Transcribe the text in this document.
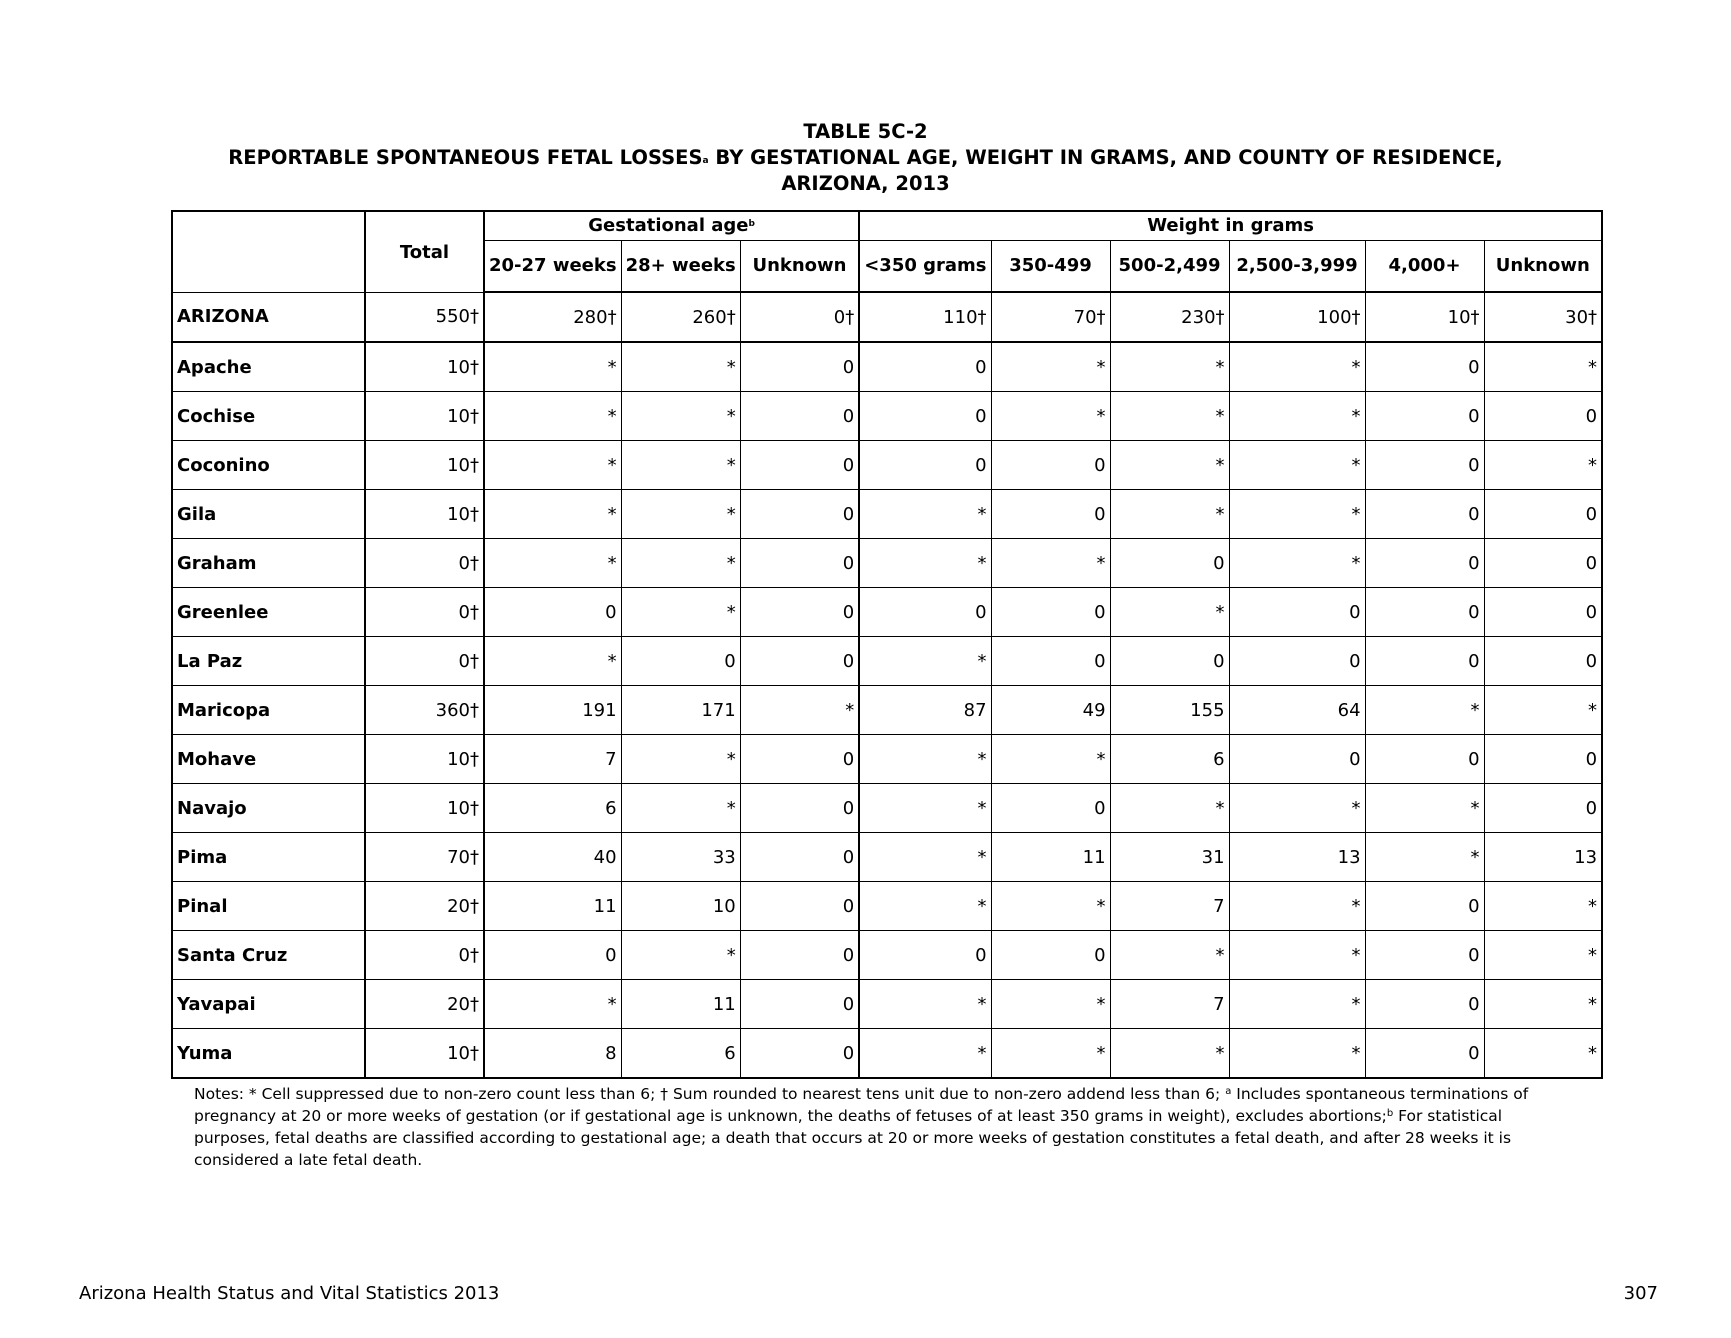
TABLE 5C-2
REPORTABLE SPONTANEOUS FETAL LOSSES$^a$ BY GESTATIONAL AGE, WEIGHT IN GRAMS, AND COUNTY OF RESIDENCE,
ARIZONA, 2013
	Total	Gestational age$^b$			Weight in grams					
		20-27 weeks	28+ weeks	Unknown	<350 grams	350-499	500-2,499	2,500-3,999	4,000+	Unknown
ARIZONA	550†	280†	260†	0†	110†	70†	230†	100†	10†	30†
Apache	10†	*	*	0	0	*	*	*	0	*
Cochise	10†	*	*	0	0	*	*	*	0	0
Coconino	10†	*	*	0	0	0	*	*	0	*
Gila	10†	*	*	0	*	0	*	*	0	0
Graham	0†	*	*	0	*	*	0	*	0	0
Greenlee	0†	0	*	0	0	0	*	0	0	0
La Paz	0†	*	0	0	*	0	0	0	0	0
Maricopa	360†	191	171	*	87	49	155	64	*	*
Mohave	10†	7	*	0	*	*	6	0	0	0
Navajo	10†	6	*	0	*	0	*	*	*	0
Pima	70†	40	33	0	*	11	31	13	*	13
Pinal	20†	11	10	0	*	*	7	*	0	*
Santa Cruz	0†	0	*	0	0	0	*	*	0	*
Yavapai	20†	*	11	0	*	*	7	*	0	*
Yuma	10†	8	6	0	*	*	*	*	0	*
Notes: * Cell suppressed due to non-zero count less than 6; † Sum rounded to nearest tens unit due to non-zero addend less than 6; $^a$ Includes spontaneous terminations of pregnancy at 20 or more weeks of gestation (or if gestational age is unknown, the deaths of fetuses of at least 350 grams in weight), excludes abortions;$^b$ For statistical purposes, fetal deaths are classified according to gestational age; a death that occurs at 20 or more weeks of gestation constitutes a fetal death, and after 28 weeks it is considered a late fetal death.
Arizona Health Status and Vital Statistics 2013	307
